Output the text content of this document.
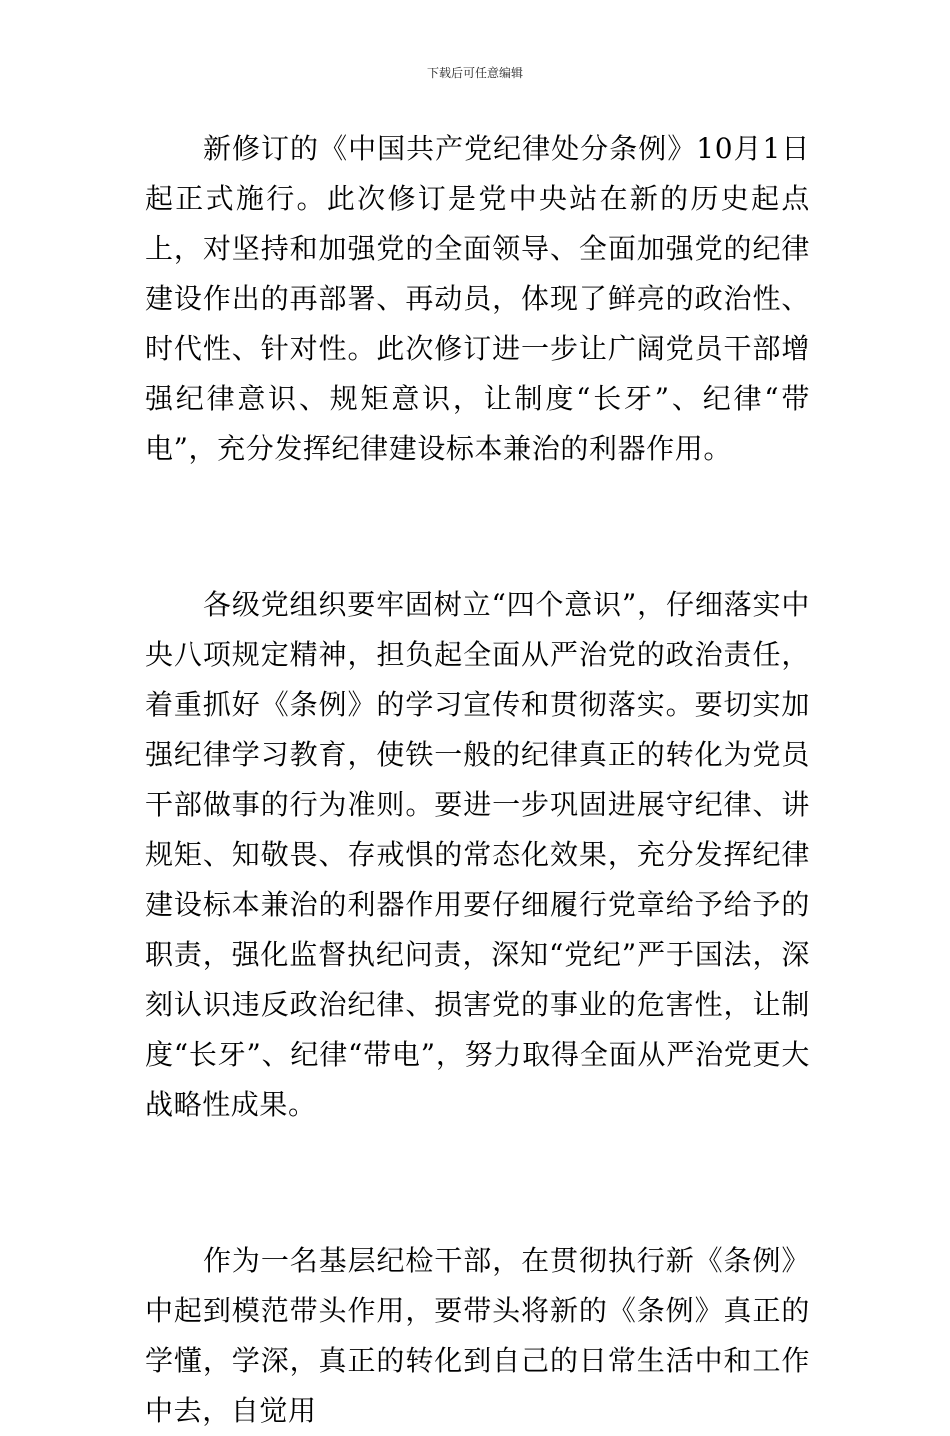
下载后可任意编辑

新修订的《中国共产党纪律处分条例》10月1日起正式施行。此次修订是党中央站在新的历史起点上，对坚持和加强党的全面领导、全面加强党的纪律建设作出的再部署、再动员，体现了鲜亮的政治性、时代性、针对性。此次修订进一步让广阔党员干部增强纪律意识、规矩意识，让制度“长牙”、纪律“带电”，充分发挥纪律建设标本兼治的利器作用。

各级党组织要牢固树立“四个意识”，仔细落实中央八项规定精神，担负起全面从严治党的政治责任，着重抓好《条例》的学习宣传和贯彻落实。要切实加强纪律学习教育，使铁一般的纪律真正的转化为党员干部做事的行为准则。要进一步巩固进展守纪律、讲规矩、知敬畏、存戒惧的常态化效果，充分发挥纪律建设标本兼治的利器作用要仔细履行党章给予给予的职责，强化监督执纪问责，深知“党纪”严于国法，深刻认识违反政治纪律、损害党的事业的危害性，让制度“长牙”、纪律“带电”，努力取得全面从严治党更大战略性成果。

作为一名基层纪检干部，在贯彻执行新《条例》中起到模范带头作用，要带头将新的《条例》真正的学懂，学深，真正的转化到自己的日常生活中和工作中去，自觉用
